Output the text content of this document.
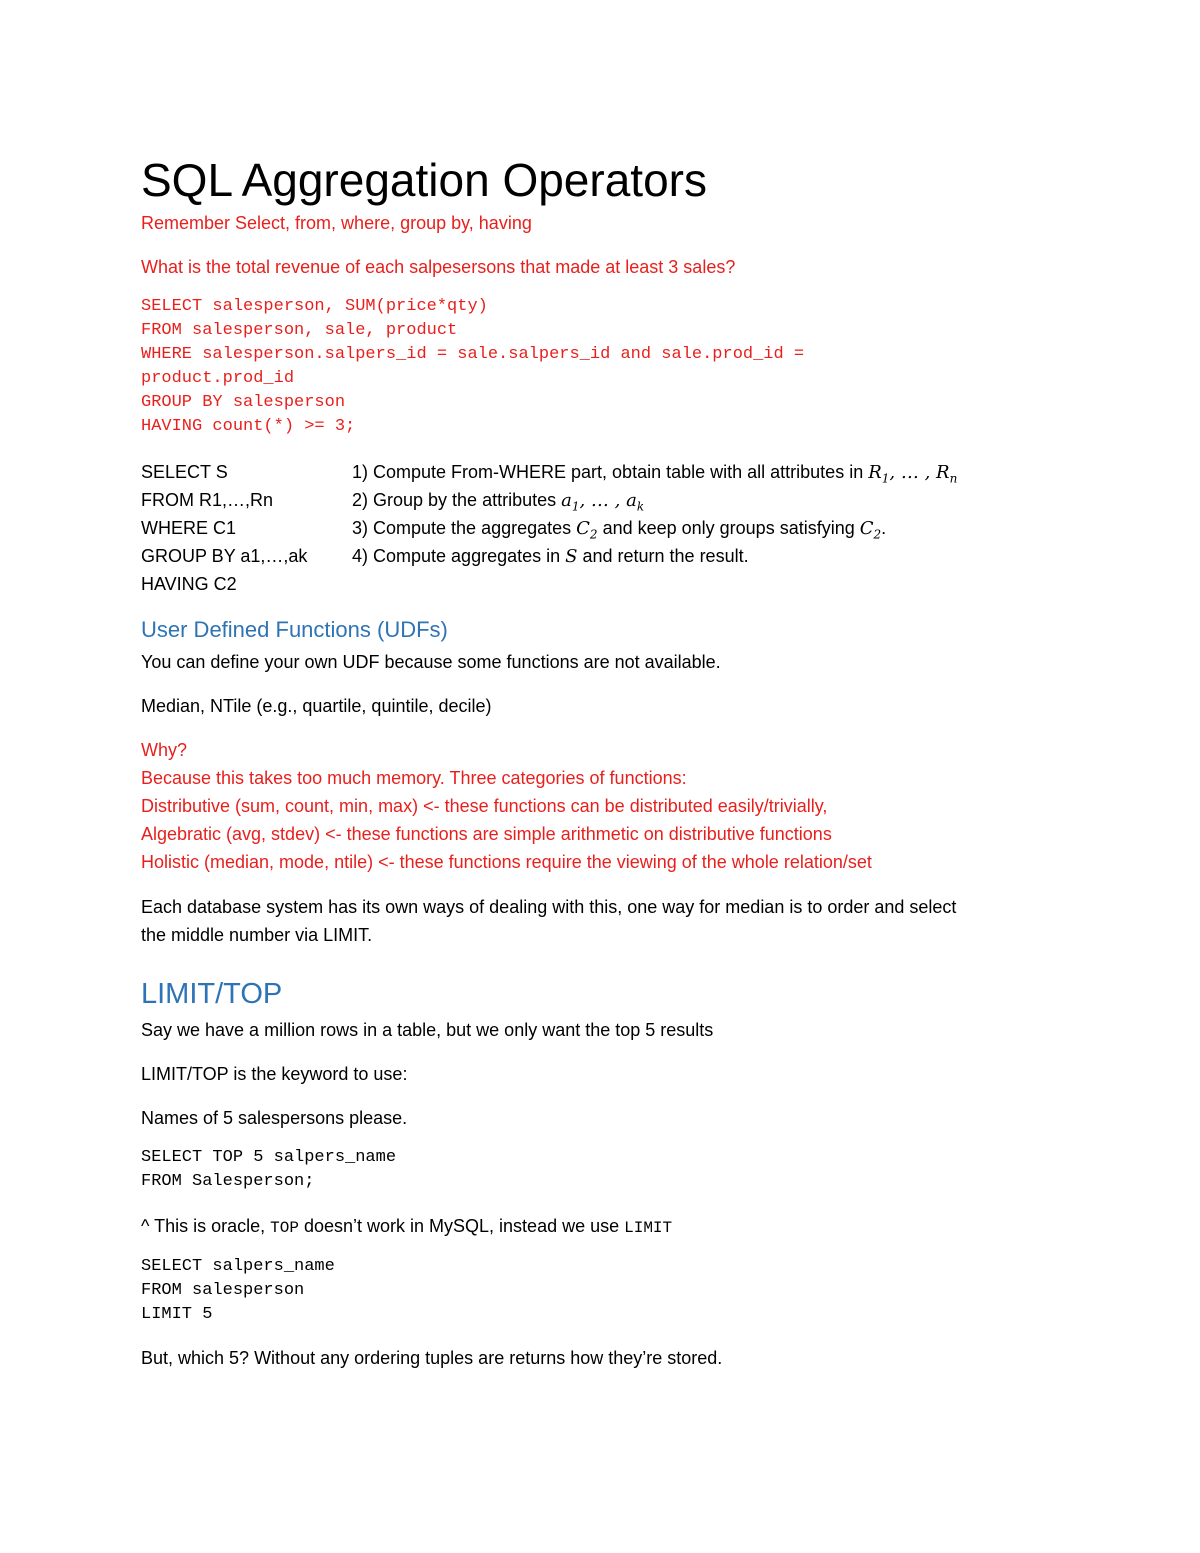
SQL Aggregation Operators
Remember Select, from, where, group by, having
What is the total revenue of each salpesersons that made at least 3 sales?
SELECT salesperson, SUM(price*qty)
FROM salesperson, sale, product
WHERE salesperson.salpers_id = sale.salpers_id and sale.prod_id =
product.prod_id
GROUP BY salesperson
HAVING count(*) >= 3;
SELECT S
FROM R1,…,Rn
WHERE C1
GROUP BY a1,…,ak
HAVING C2
1) Compute From-WHERE part, obtain table with all attributes in $R_1$, … , $R_n$
2) Group by the attributes $a_1$, … , $a_k$
3) Compute the aggregates $C_2$ and keep only groups satisfying $C_2$.
4) Compute aggregates in S and return the result.
User Defined Functions (UDFs)
You can define your own UDF because some functions are not available.
Median, NTile (e.g., quartile, quintile, decile)
Why?
Because this takes too much memory. Three categories of functions:
Distributive (sum, count, min, max) <- these functions can be distributed easily/trivially,
Algebratic (avg, stdev) <- these functions are simple arithmetic on distributive functions
Holistic (median, mode, ntile) <- these functions require the viewing of the whole relation/set
Each database system has its own ways of dealing with this, one way for median is to order and select
the middle number via LIMIT.
LIMIT/TOP
Say we have a million rows in a table, but we only want the top 5 results
LIMIT/TOP is the keyword to use:
Names of 5 salespersons please.
SELECT TOP 5 salpers_name
FROM Salesperson;
^ This is oracle, TOP doesn’t work in MySQL, instead we use LIMIT
SELECT salpers_name
FROM salesperson
LIMIT 5
But, which 5? Without any ordering tuples are returns how they’re stored.
